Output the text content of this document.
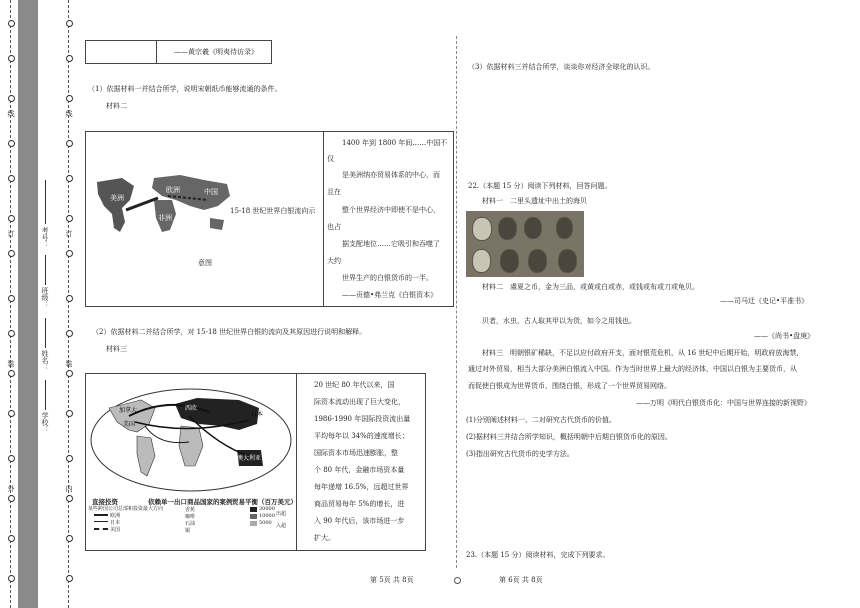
线
订
装
外
线
订
装
内
学校：
姓名：
班级：
考号：
——黄宗羲《明夷待访录》
（1）依据材料一并结合所学，说明宋朝纸币能够流通的条件。
材料二
美洲
欧洲	中国
非洲
15-18 世纪世界白银流向示
意图
1400 年到 1800 年间……中国不
仅
是美洲纳亦贸易体系的中心，而
且在
整个世界经济中即使不是中心，
也占
据支配地位……它吸引和吞噬了
大约
世界生产的白银货币的一半。
——贡德•弗兰克《白银资本》
（2）依据材料二并结合所学，对 15-18 世纪世界白银的流向及其原因进行说明和解释。
材料三
加拿大
美国
西欧
日本
澳大利亚
直接投资
某些跨国公司总部和投资最大方向
欧洲
日本
美国
依赖单一出口商品国家的案例
香蕉
咖啡
石油
铜
贸易平衡（百万美元）
30000
10000
5000
出超
入超
20 世纪 80 年代以来，国
际资本流动出现了巨大变化，
1986-1990 年国际投资流出量
平均每年以 34%的速度增长；
国际资本市场迅速膨胀，整
个 80 年代，金融市场资本量
每年递增 16.5%，远超过世界
商品贸易每年 5%的增长，进
入 90 年代后，该市场进一步
扩大。
第 5页 共 8页
（3）依据材料三并结合所学，谈谈你对经济全球化的认识。
22.（本题 15 分）阅读下列材料，回答问题。
材料一　二里头遗址中出土的海贝
材料二　虞夏之币，金为三品，或黄或白或赤，或钱或布或刀或龟贝。
——司马迁《史记•平准书》
贝者，水虫，古人取其甲以为货，如今之用钱也。
——《尚书•盘庚》
材料三　明朝银矿稀缺，不足以应付政府开支，面对银荒危机，从 16 世纪中后期开始，明政府放海禁，
通过对外贸易，相当大部分美洲白银流入中国。作为当时世界上最大的经济体，中国以白银为主要货币，从
而促使白银成为世界货币，围绕白银，形成了一个世界贸易网络。
——万明《明代白银货币化：中国与世界连接的新视野》
(1)分别阐述材料一、二对研究古代货币的价值。
(2)据材料三并结合所学知识，概括明朝中后期白银货币化的原因。
(3)指出研究古代货币的史学方法。
23.（本题 15 分）阅读材料，完成下列要求。
第 6页 共 8页
